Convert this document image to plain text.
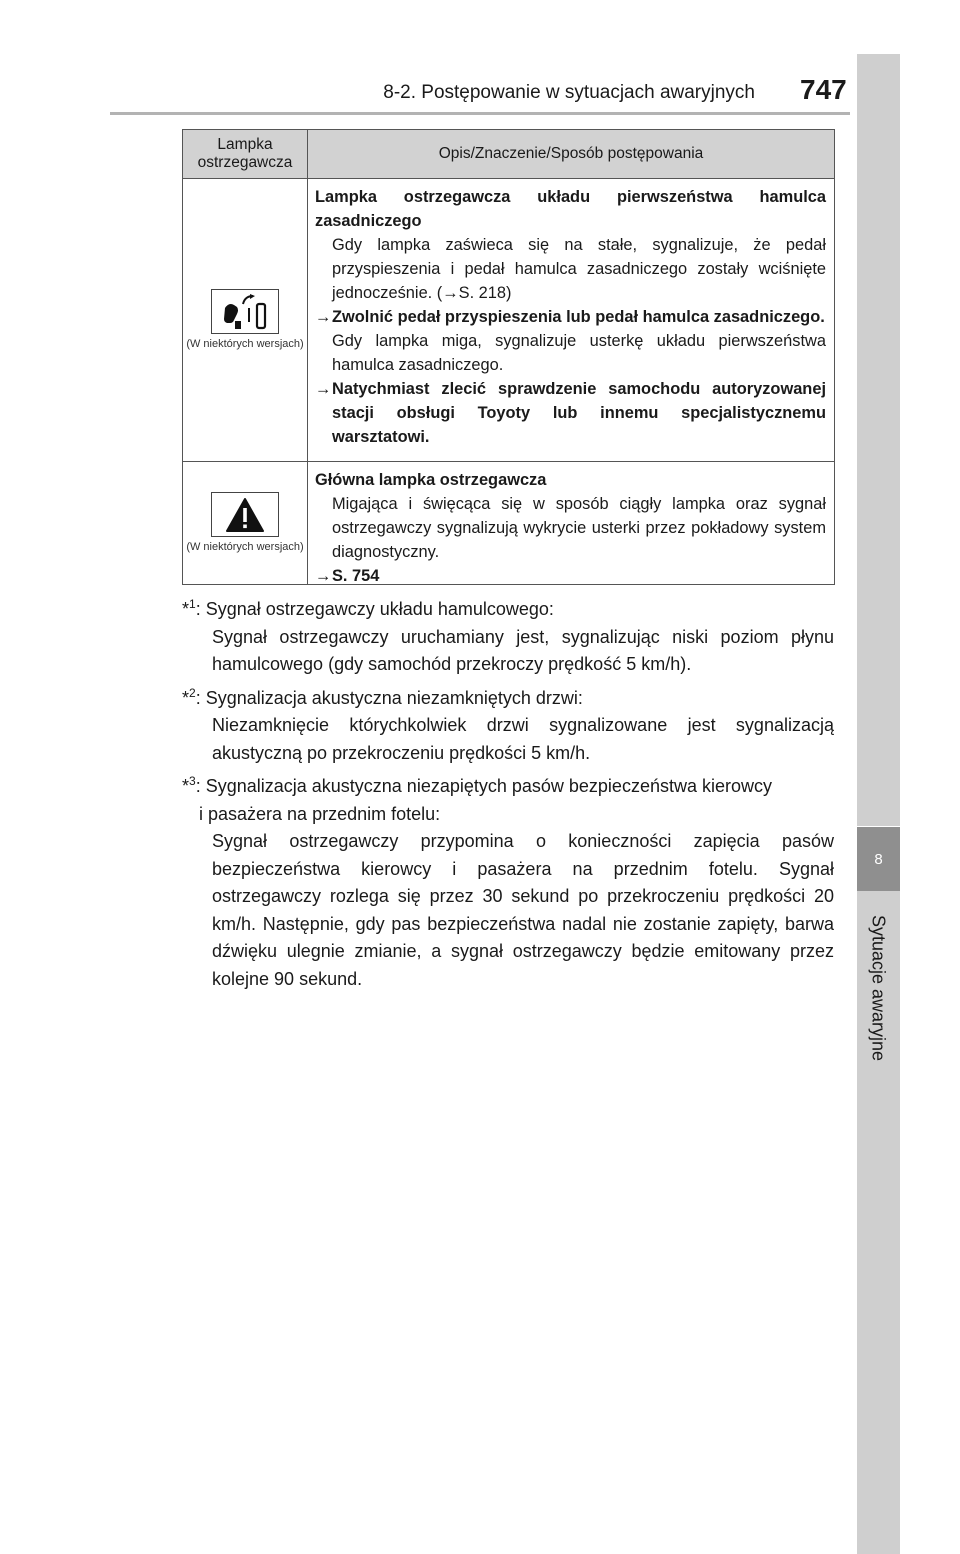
8-2. Postępowanie w sytuacjach awaryjnych 747
8
Sytuacje awaryjne
Lampka ostrzegawcza
Opis/Znaczenie/Sposób postępowania
(W niektórych wersjach)
Lampka ostrzegawcza układu pierwszeństwa hamulca zasadniczego
Gdy lampka zaświeca się na stałe, sygnalizuje, że pedał przyspieszenia i pedał hamulca zasadniczego zostały wciśnięte jednocześnie. (→S. 218)
→ Zwolnić pedał przyspieszenia lub pedał hamulca zasadniczego.
Gdy lampka miga, sygnalizuje usterkę układu pierwszeństwa hamulca zasadniczego.
→ Natychmiast zlecić sprawdzenie samochodu autoryzowanej stacji obsługi Toyoty lub innemu specjalistycznemu warsztatowi.
(W niektórych wersjach)
Główna lampka ostrzegawcza
Migająca i święcąca się w sposób ciągły lampka oraz sygnał ostrzegawczy sygnalizują wykrycie usterki przez pokładowy system diagnostyczny.
→ S. 754
*$^1$: Sygnał ostrzegawczy układu hamulcowego:
Sygnał ostrzegawczy uruchamiany jest, sygnalizując niski poziom płynu hamulcowego (gdy samochód przekroczy prędkość 5 km/h).
*$^2$: Sygnalizacja akustyczna niezamkniętych drzwi:
Niezamknięcie którychkolwiek drzwi sygnalizowane jest sygnalizacją akustyczną po przekroczeniu prędkości 5 km/h.
*$^3$: Sygnalizacja akustyczna niezapiętych pasów bezpieczeństwa kierowcy
i pasażera na przednim fotelu:
Sygnał ostrzegawczy przypomina o konieczności zapięcia pasów bezpieczeństwa kierowcy i pasażera na przednim fotelu. Sygnał ostrzegawczy rozlega się przez 30 sekund po przekroczeniu prędkości 20 km/h. Następnie, gdy pas bezpieczeństwa nadal nie zostanie zapięty, barwa dźwięku ulegnie zmianie, a sygnał ostrzegawczy będzie emitowany przez kolejne 90 sekund.
